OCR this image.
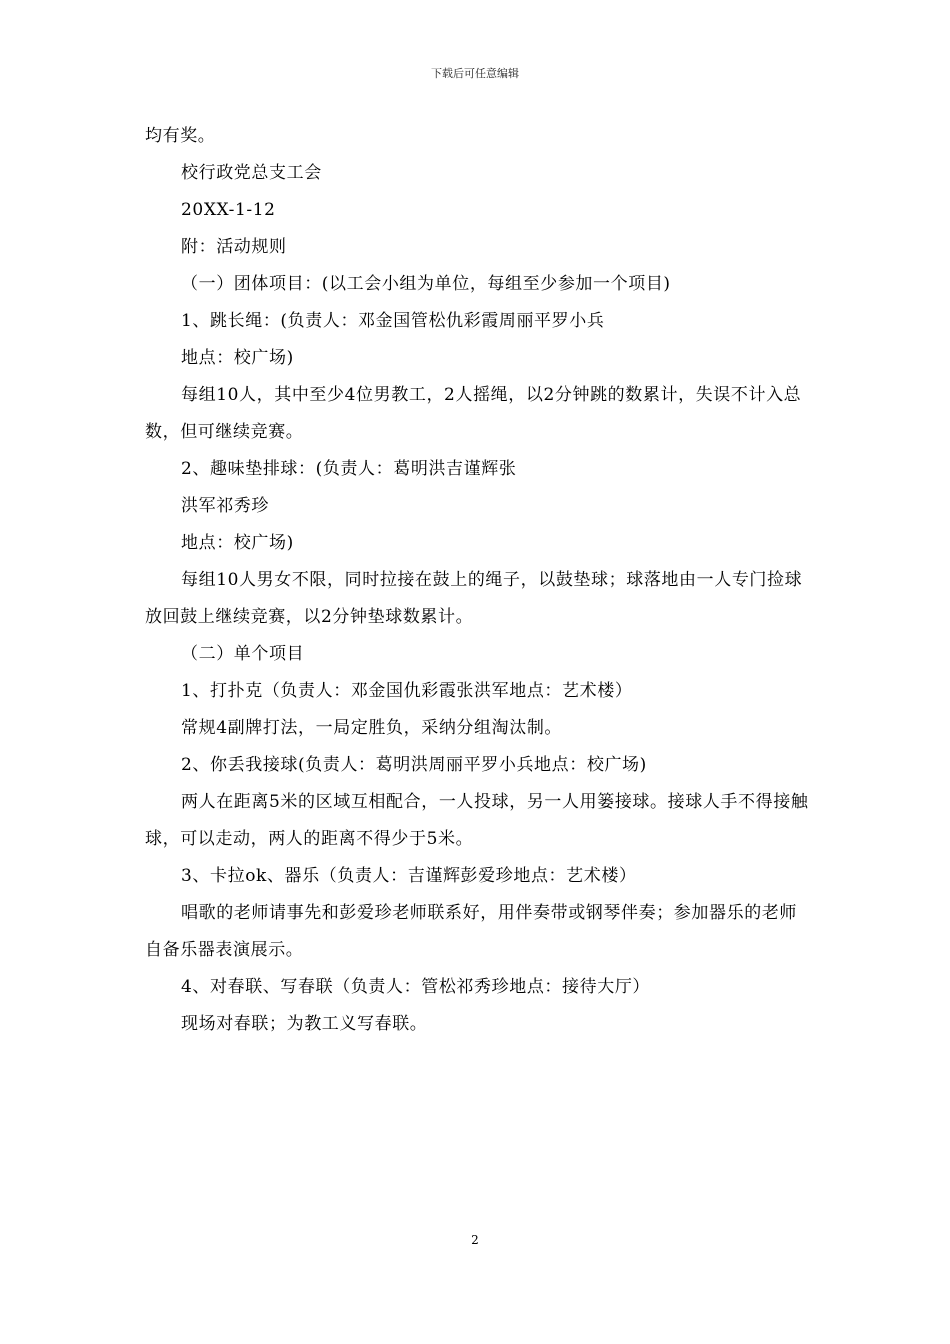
下载后可任意编辑

均有奖。

校行政党总支工会

20XX-1-12

附：活动规则

（一）团体项目：(以工会小组为单位，每组至少参加一个项目)

1、跳长绳：(负责人：邓金国管松仇彩霞周丽平罗小兵

地点：校广场)

每组10人，其中至少4位男教工，2人摇绳，以2分钟跳的数累计，失误不计入总数，但可继续竞赛。

2、趣味垫排球：(负责人：葛明洪吉谨辉张

洪军祁秀珍

地点：校广场)

每组10人男女不限，同时拉接在鼓上的绳子，以鼓垫球；球落地由一人专门捡球放回鼓上继续竞赛，以2分钟垫球数累计。

（二）单个项目

1、打扑克（负责人：邓金国仇彩霞张洪军地点：艺术楼）

常规4副牌打法，一局定胜负，采纳分组淘汰制。

2、你丢我接球(负责人：葛明洪周丽平罗小兵地点：校广场)

两人在距离5米的区域互相配合，一人投球，另一人用篓接球。接球人手不得接触球，可以走动，两人的距离不得少于5米。

3、卡拉ok、器乐（负责人：吉谨辉彭爱珍地点：艺术楼）

唱歌的老师请事先和彭爱珍老师联系好，用伴奏带或钢琴伴奏；参加器乐的老师自备乐器表演展示。

4、对春联、写春联（负责人：管松祁秀珍地点：接待大厅）

现场对春联；为教工义写春联。

2
